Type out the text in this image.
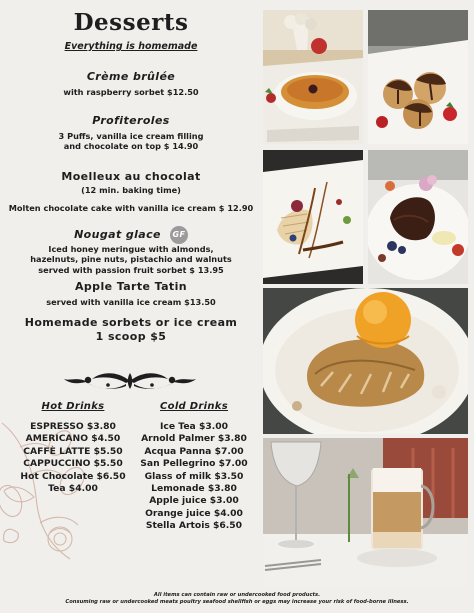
Desserts
Everything is homemade
Crème brûlée
with raspberry sorbet $12.50
Profiteroles
3 Puffs, vanilla ice cream filling
and chocolate on top $ 14.90
Moelleux au chocolat
(12 min. baking time)
Molten chocolate cake with vanilla ice cream $ 12.90
Nougat glace GF
Iced honey meringue with almonds,
hazelnuts, pine nuts, pistachio and walnuts
served with passion fruit sorbet $ 13.95
Apple Tarte Tatin
served with vanilla ice cream $13.50
Homemade sorbets or ice cream
1 scoop $5
Hot Drinks
ESPRESSO $3.80
AMERICANO $4.50
CAFFÈ LATTE $5.50
CAPPUCCINO $5.50
Hot Chocolate $6.50
Tea $4.00
Cold Drinks
Ice Tea $3.00
Arnold Palmer $3.80
Acqua Panna $7.00
San Pellegrino $7.00
Glass of milk $3.50
Lemonade $3.80
Apple juice $3.00
Orange juice $4.00
Stella Artois $6.50
All items can contain raw or undercooked food products.
Consuming raw or undercooked meats poultry seafood shellfish or eggs may increase your risk of food-borne illness.
